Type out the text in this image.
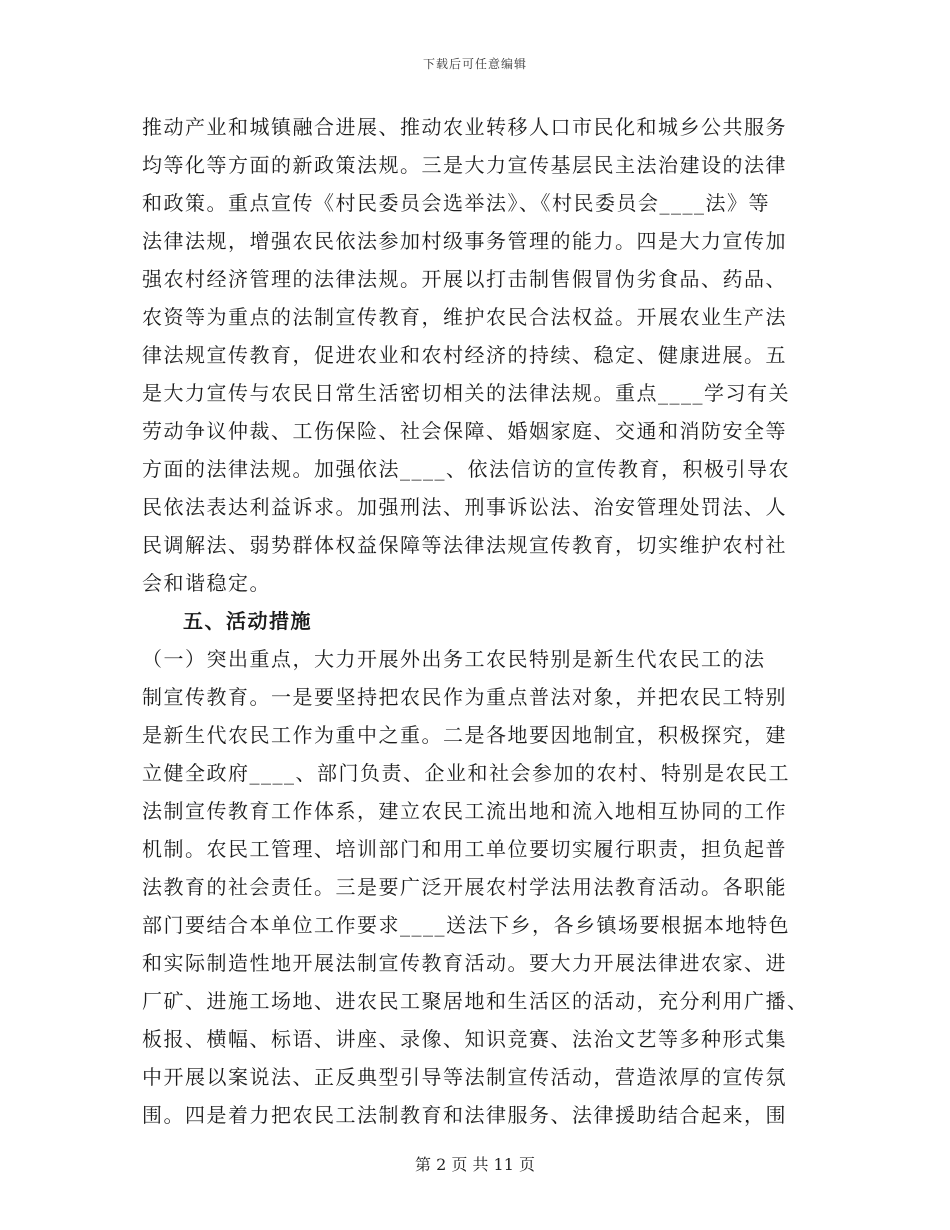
下载后可任意编辑
推动产业和城镇融合进展、推动农业转移人口市民化和城乡公共服务
均等化等方面的新政策法规。三是大力宣传基层民主法治建设的法律
和政策。重点宣传《村民委员会选举法》、《村民委员会____法》等
法律法规，增强农民依法参加村级事务管理的能力。四是大力宣传加
强农村经济管理的法律法规。开展以打击制售假冒伪劣食品、药品、
农资等为重点的法制宣传教育，维护农民合法权益。开展农业生产法
律法规宣传教育，促进农业和农村经济的持续、稳定、健康进展。五
是大力宣传与农民日常生活密切相关的法律法规。重点____学习有关
劳动争议仲裁、工伤保险、社会保障、婚姻家庭、交通和消防安全等
方面的法律法规。加强依法____、依法信访的宣传教育，积极引导农
民依法表达利益诉求。加强刑法、刑事诉讼法、治安管理处罚法、人
民调解法、弱势群体权益保障等法律法规宣传教育，切实维护农村社
会和谐稳定。
五、活动措施
（一）突出重点，大力开展外出务工农民特别是新生代农民工的法
制宣传教育。一是要坚持把农民作为重点普法对象，并把农民工特别
是新生代农民工作为重中之重。二是各地要因地制宜，积极探究，建
立健全政府____、部门负责、企业和社会参加的农村、特别是农民工
法制宣传教育工作体系，建立农民工流出地和流入地相互协同的工作
机制。农民工管理、培训部门和用工单位要切实履行职责，担负起普
法教育的社会责任。三是要广泛开展农村学法用法教育活动。各职能
部门要结合本单位工作要求____送法下乡，各乡镇场要根据本地特色
和实际制造性地开展法制宣传教育活动。要大力开展法律进农家、进
厂矿、进施工场地、进农民工聚居地和生活区的活动，充分利用广播、
板报、横幅、标语、讲座、录像、知识竞赛、法治文艺等多种形式集
中开展以案说法、正反典型引导等法制宣传活动，营造浓厚的宣传氛
围。四是着力把农民工法制教育和法律服务、法律援助结合起来，围
第 2 页 共 11 页
